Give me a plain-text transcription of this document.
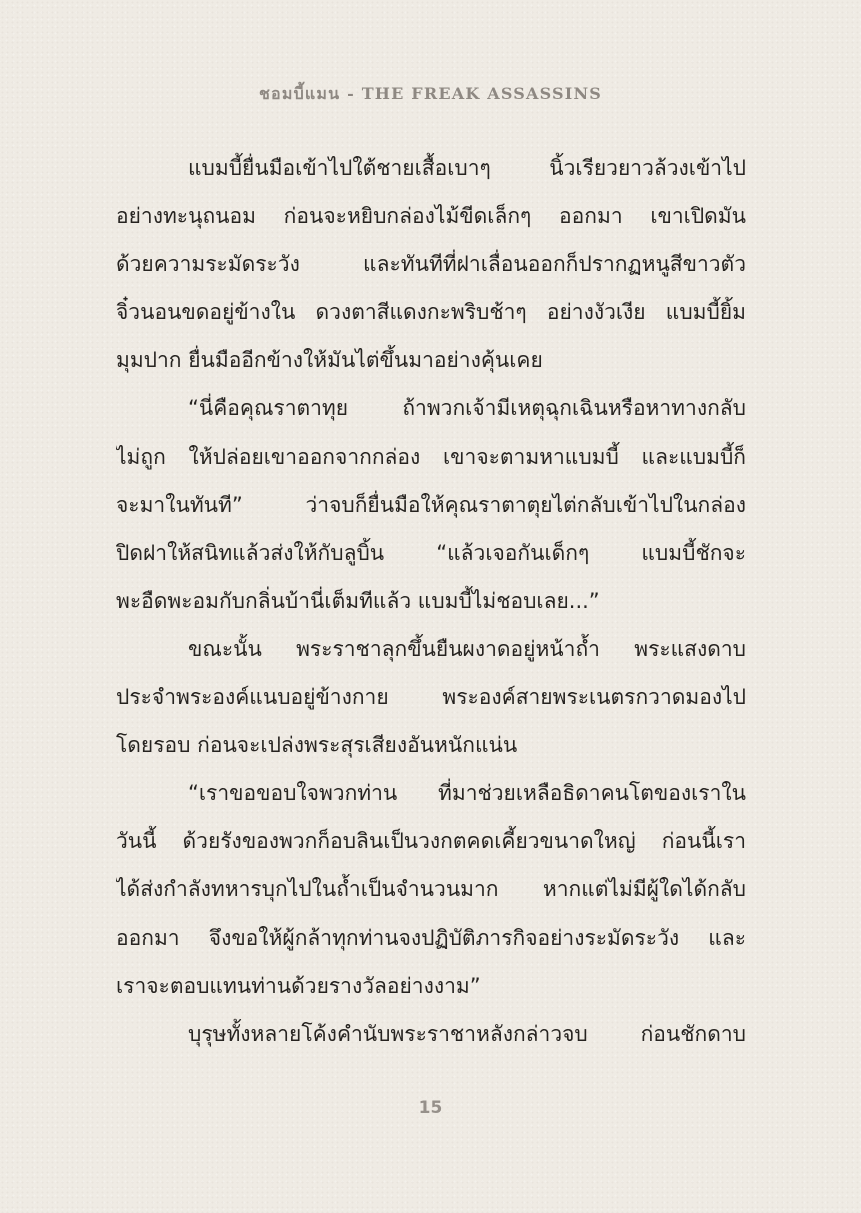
ชอมบี้แมน - THE FREAK ASSASSINS
แบมบี้ยื่นมือเข้าไปใต้ชายเสื้อเบาๆ นิ้วเรียวยาวล้วงเข้าไป
อย่างทะนุถนอม ก่อนจะหยิบกล่องไม้ขีดเล็กๆ ออกมา เขาเปิดมัน
ด้วยความระมัดระวัง และทันทีที่ฝาเลื่อนออกก็ปรากฏหนูสีขาวตัว
จิ๋วนอนขดอยู่ข้างใน ดวงตาสีแดงกะพริบช้าๆ อย่างงัวเงีย แบมบี้ยิ้ม
มุมปาก ยื่นมืออีกข้างให้มันไต่ขึ้นมาอย่างคุ้นเคย
“นี่คือคุณราตาทุย ถ้าพวกเจ้ามีเหตุฉุกเฉินหรือหาทางกลับ
ไม่ถูก ให้ปล่อยเขาออกจากกล่อง เขาจะตามหาแบมบี้ และแบมบี้ก็
จะมาในทันที” ว่าจบก็ยื่นมือให้คุณราตาตุยไต่กลับเข้าไปในกล่อง
ปิดฝาให้สนิทแล้วส่งให้กับลูบิ้น “แล้วเจอกันเด็กๆ แบมบี้ชักจะ
พะอืดพะอมกับกลิ่นบ้านี่เต็มทีแล้ว แบมบี้ไม่ชอบเลย...”
ขณะนั้น พระราชาลุกขึ้นยืนผงาดอยู่หน้าถ้ำ พระแสงดาบ
ประจำพระองค์แนบอยู่ข้างกาย พระองค์สายพระเนตรกวาดมองไป
โดยรอบ ก่อนจะเปล่งพระสุรเสียงอันหนักแน่น
“เราขอขอบใจพวกท่าน ที่มาช่วยเหลือธิดาคนโตของเราใน
วันนี้ ด้วยรังของพวกก็อบลินเป็นวงกตคดเคี้ยวขนาดใหญ่ ก่อนนี้เรา
ได้ส่งกำลังทหารบุกไปในถ้ำเป็นจำนวนมาก หากแต่ไม่มีผู้ใดได้กลับ
ออกมา จึงขอให้ผู้กล้าทุกท่านจงปฏิบัติภารกิจอย่างระมัดระวัง และ
เราจะตอบแทนท่านด้วยรางวัลอย่างงาม”
บุรุษทั้งหลายโค้งคำนับพระราชาหลังกล่าวจบ ก่อนชักดาบ
15
